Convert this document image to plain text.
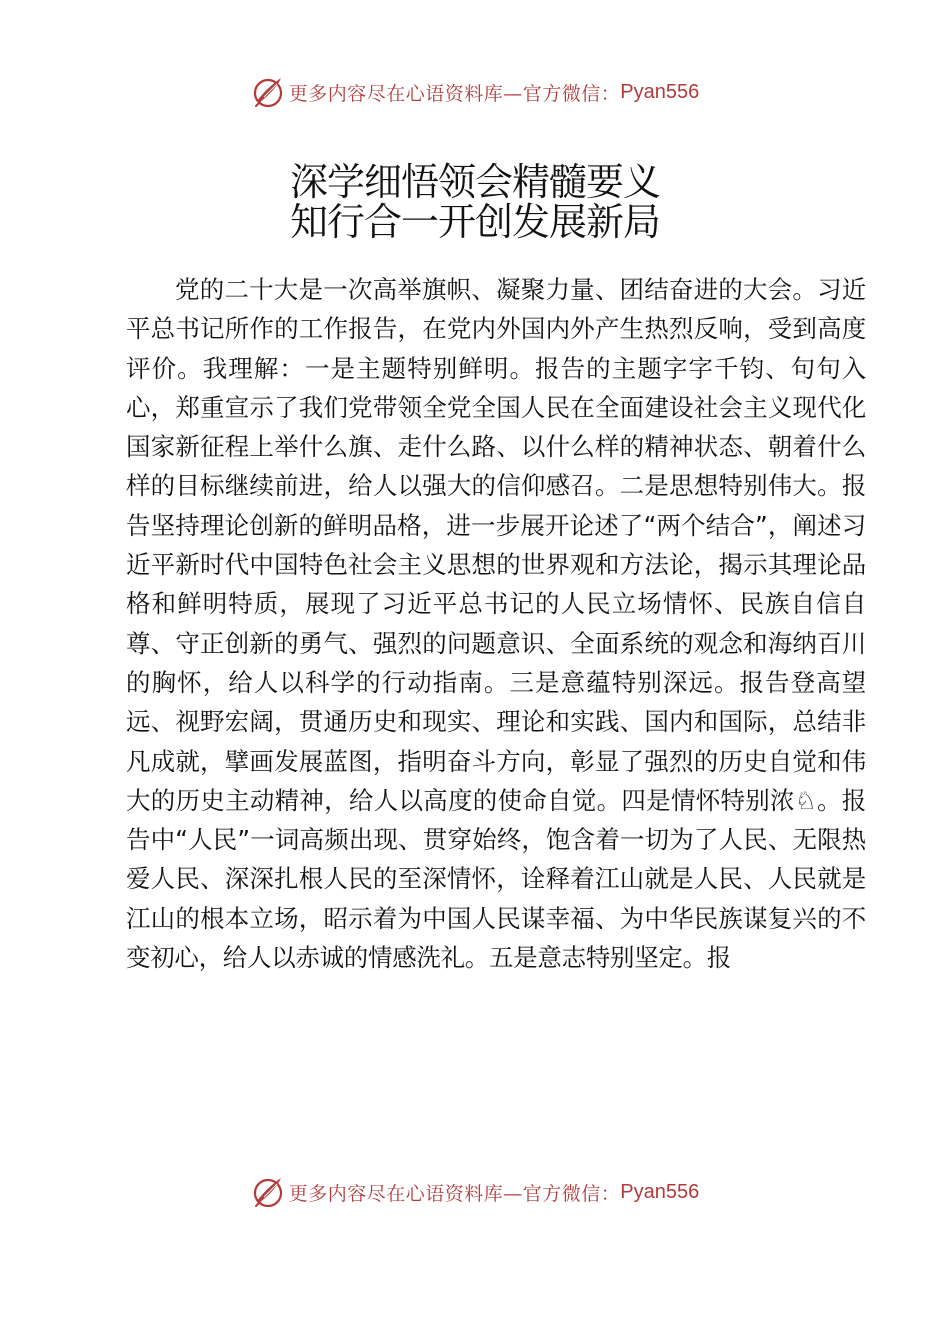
更多内容尽在心语资料库—官方微信： Pyan556
深学细悟领会精髓要义
知行合一开创发展新局

党的二十大是一次高举旗帜、凝聚力量、团结奋进的大会。习近平总书记所作的工作报告，在党内外国内外产生热烈反响，受到高度评价。我理解：一是主题特别鲜明。报告的主题字字千钧、句句入心，郑重宣示了我们党带领全党全国人民在全面建设社会主义现代化国家新征程上举什么旗、走什么路、以什么样的精神状态、朝着什么样的目标继续前进，给人以强大的信仰感召。二是思想特别伟大。报告坚持理论创新的鲜明品格，进一步展开论述了“两个结合”，阐述习近平新时代中国特色社会主义思想的世界观和方法论，揭示其理论品格和鲜明特质，展现了习近平总书记的人民立场情怀、民族自信自尊、守正创新的勇气、强烈的问题意识、全面系统的观念和海纳百川的胸怀，给人以科学的行动指南。三是意蕴特别深远。报告登高望远、视野宏阔，贯通历史和现实、理论和实践、国内和国际，总结非凡成就，擘画发展蓝图，指明奋斗方向，彰显了强烈的历史自觉和伟大的历史主动精神，给人以高度的使命自觉。四是情怀特别浓♘。报告中“人民”一词高频出现、贯穿始终，饱含着一切为了人民、无限热爱人民、深深扎根人民的至深情怀，诠释着江山就是人民、人民就是江山的根本立场，昭示着为中国人民谋幸福、为中华民族谋复兴的不变初心，给人以赤诚的情感洗礼。五是意志特别坚定。报

更多内容尽在心语资料库—官方微信： Pyan556
